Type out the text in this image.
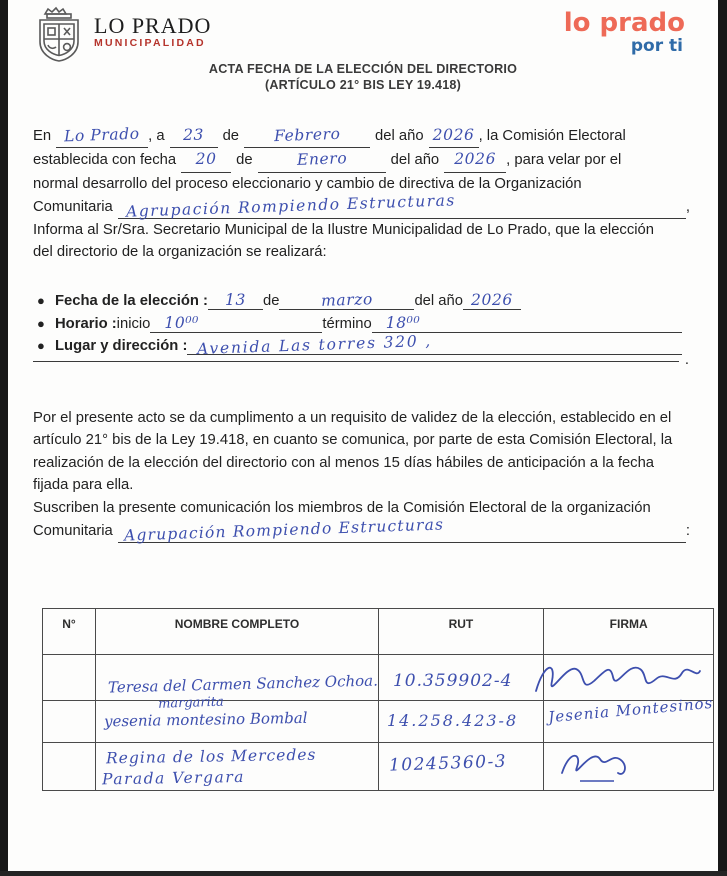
LO PRADO
MUNICIPALIDAD
lo prado
por ti
ACTA FECHA DE LA ELECCIÓN DEL DIRECTORIO
(ARTÍCULO 21° BIS LEY 19.418)
En Lo Prado , a	23	de	Febrero	del año 2026 , la Comisión Electoral
establecida con fecha	20	de	Enero	del año 2026 , para velar por el
normal desarrollo del proceso eleccionario y cambio de directiva de la Organización
Comunitaria Agrupación Rompiendo Estructuras	,
Informa al Sr/Sra. Secretario Municipal de la Ilustre Municipalidad de Lo Prado, que la elección
del directorio de la organización se realizará:
● Fecha de la elección :	13	de	marzo	del año 2026
● Horario : inicio 10⁰⁰	término 18⁰⁰
● Lugar y dirección : Avenida Las torres 320 ,
.
Por el presente acto se da cumplimento a un requisito de validez de la elección, establecido en el artículo 21° bis de la Ley 19.418, en cuanto se comunica, por parte de esta Comisión Electoral, la realización de la elección del directorio con al menos 15 días hábiles de anticipación a la fecha fijada para ella.
Suscriben la presente comunicación los miembros de la Comisión Electoral de la organización
Comunitaria Agrupación Rompiendo Estructuras	:
N°	NOMBRE COMPLETO	RUT	FIRMA

	Teresa del Carmen Sanchez Ochoa.	10.359902-4

	margarita
yesenia montesino Bombal	14.258.423-8	Jesenia Montesinos

	Regina de los Mercedes
Parada Vergara	10245360-3
